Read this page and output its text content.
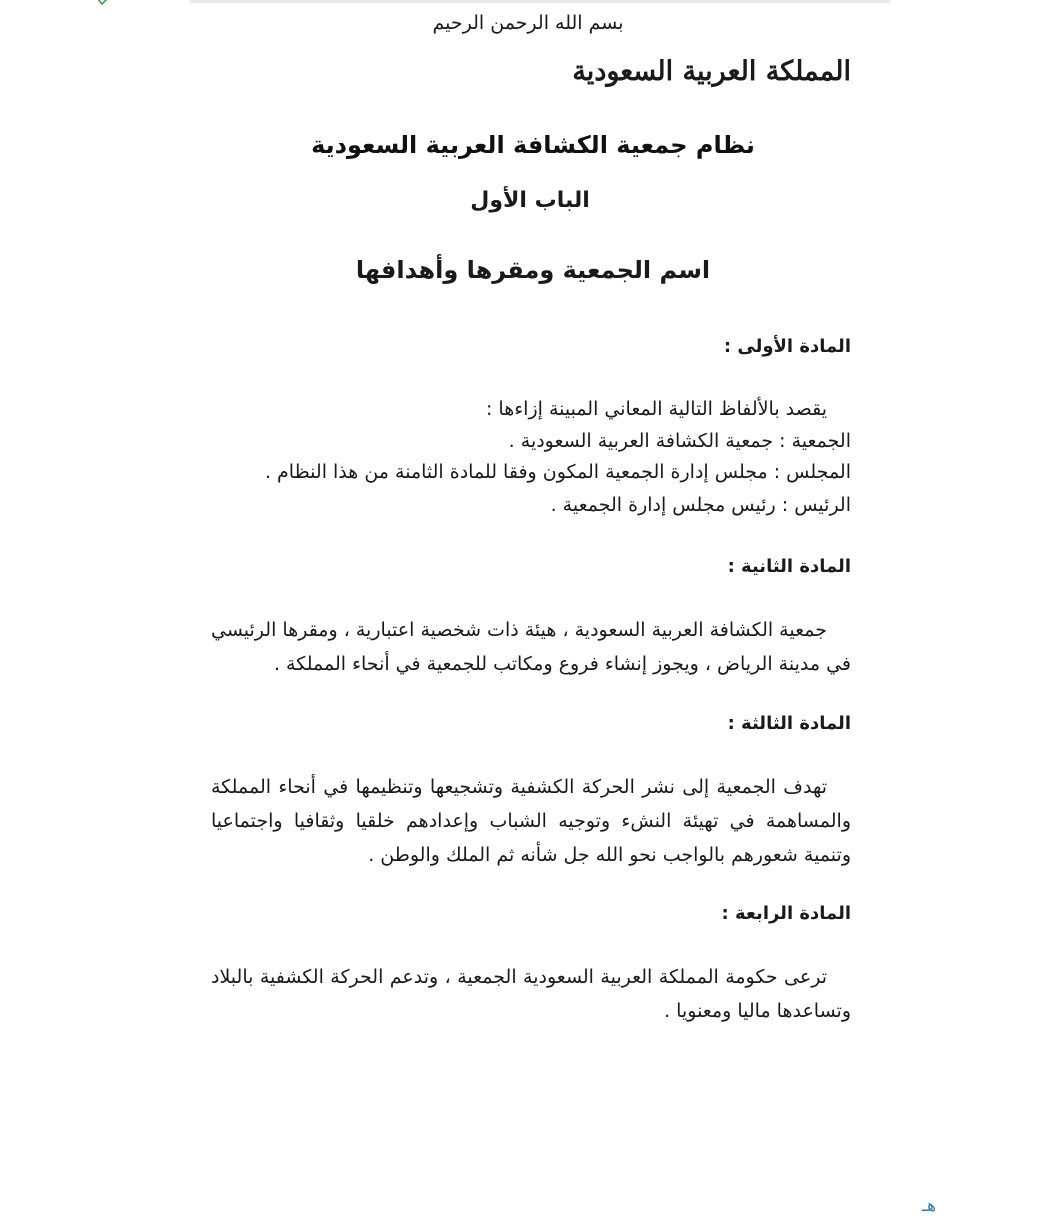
بسم الله الرحمن الرحيم
المملكة العربية السعودية
نظام جمعية الكشافة العربية السعودية
الباب الأول
اسم الجمعية ومقرها وأهدافها
المادة الأولى :
يقصد بالألفاظ التالية المعاني المبينة إزاءها :
الجمعية : جمعية الكشافة العربية السعودية .
المجلس : مجلس إدارة الجمعية المكون وفقا للمادة الثامنة من هذا النظام .
الرئيس : رئيس مجلس إدارة الجمعية .
المادة الثانية :
جمعية الكشافة العربية السعودية ، هيئة ذات شخصية اعتبارية ، ومقرها الرئيسي في مدينة الرياض ، ويجوز إنشاء فروع ومكاتب للجمعية في أنحاء المملكة .
المادة الثالثة :
تهدف الجمعية إلى نشر الحركة الكشفية وتشجيعها وتنظيمها في أنحاء المملكة والمساهمة في تهيئة النشء وتوجيه الشباب وإعدادهم خلقيا وثقافيا واجتماعيا وتنمية شعورهم بالواجب نحو الله جل شأنه ثم الملك والوطن .
المادة الرابعة :
ترعى حكومة المملكة العربية السعودية الجمعية ، وتدعم الحركة الكشفية بالبلاد وتساعدها ماليا ومعنويا .
هـ
